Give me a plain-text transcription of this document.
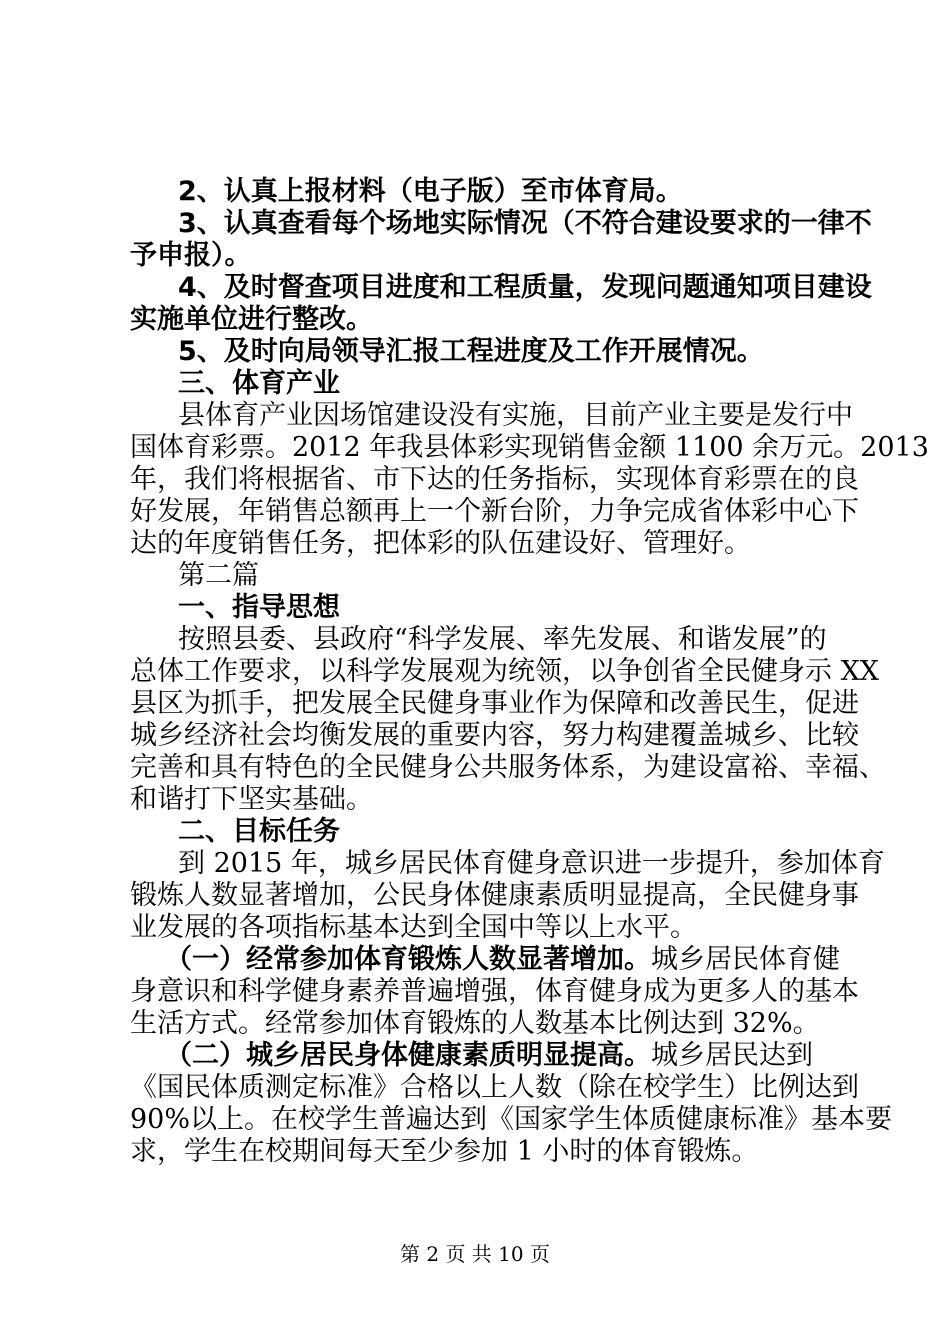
第 2 页 共 10 页
2、认真上报材料（电子版）至市体育局。
3、认真查看每个场地实际情况（不符合建设要求的一律不
予申报）。
4、及时督查项目进度和工程质量，发现问题通知项目建设
实施单位进行整改。
5、及时向局领导汇报工程进度及工作开展情况。
三、体育产业
县体育产业因场馆建设没有实施，目前产业主要是发行中
国体育彩票。2012 年我县体彩实现销售金额 1100 余万元。2013
年，我们将根据省、市下达的任务指标，实现体育彩票在的良
好发展，年销售总额再上一个新台阶，力争完成省体彩中心下
达的年度销售任务，把体彩的队伍建设好、管理好。
第二篇
一、指导思想
按照县委、县政府“科学发展、率先发展、和谐发展”的
总体工作要求，以科学发展观为统领，以争创省全民健身示 XX
县区为抓手，把发展全民健身事业作为保障和改善民生，促进
城乡经济社会均衡发展的重要内容，努力构建覆盖城乡、比较
完善和具有特色的全民健身公共服务体系，为建设富裕、幸福、
和谐打下坚实基础。
二、目标任务
到 2015 年，城乡居民体育健身意识进一步提升，参加体育
锻炼人数显著增加，公民身体健康素质明显提高，全民健身事
业发展的各项指标基本达到全国中等以上水平。
（一）经常参加体育锻炼人数显著增加。城乡居民体育健
身意识和科学健身素养普遍增强，体育健身成为更多人的基本
生活方式。经常参加体育锻炼的人数基本比例达到 32%。
（二）城乡居民身体健康素质明显提高。城乡居民达到
《国民体质测定标准》合格以上人数（除在校学生）比例达到
90%以上。在校学生普遍达到《国家学生体质健康标准》基本要
求，学生在校期间每天至少参加 1 小时的体育锻炼。
